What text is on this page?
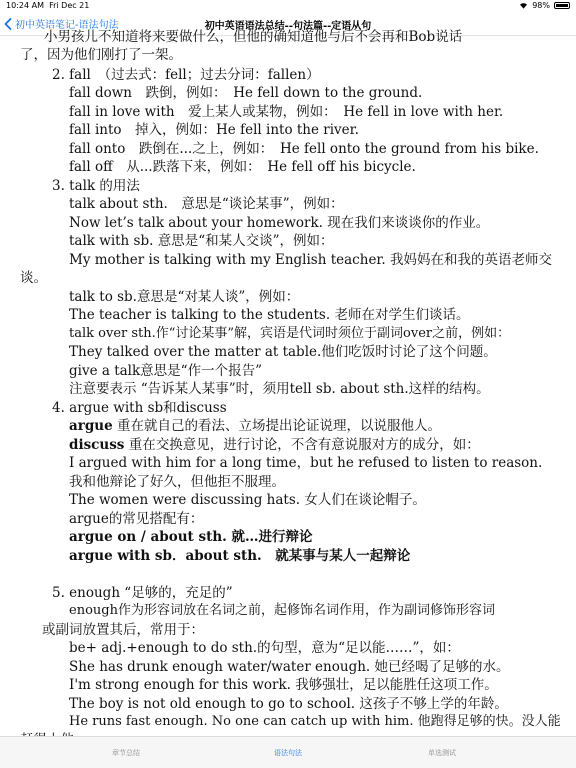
10:24 AM Fri Dec 21	98%
初中英语笔记-语法句法	初中英语语法总结--句法篇--定语从句
小男孩儿不知道将来要做什么，但他的确知道他与后不会再和Bob说话
了，因为他们刚打了一架。
2. fall　（过去式：fell；过去分词：fallen）
fall down　跌倒，例如：　He fell down to the ground.
fall in love with　爱上某人或某物，例如：　He fell in love with her.
fall into　掉入，例如：He fell into the river.
fall onto　跌倒在...之上，例如：　He fell onto the ground from his bike.
fall off　从...跌落下来，例如：　He fell off his bicycle.
3. talk 的用法
talk about sth.　意思是“谈论某事”，例如：
Now let’s talk about your homework. 现在我们来谈谈你的作业。
talk with sb. 意思是“和某人交谈”，例如：
My mother is talking with my English teacher. 我妈妈在和我的英语老师交
谈。
talk to sb.意思是“对某人谈”，例如：
The teacher is talking to the students. 老师在对学生们谈话。
talk over sth.作“讨论某事”解，宾语是代词时须位于副词over之前，例如：
They talked over the matter at table.他们吃饭时讨论了这个问题。
give a talk意思是“作一个报告”
注意要表示 “告诉某人某事”时，须用tell sb. about sth.这样的结构。
4. argue with sb和discuss
argue 重在就自己的看法、立场提出论证说理，以说服他人。
discuss 重在交换意见，进行讨论，不含有意说服对方的成分，如：
I argued with him for a long time，but he refused to listen to reason.
我和他辩论了好久，但他拒不服理。
The women were discussing hats. 女人们在谈论帽子。
argue的常见搭配有：
argue on / about sth. 就…进行辩论
argue with sb．about sth.　就某事与某人一起辩论
5. enough “足够的，充足的”
enough作为形容词放在名词之前，起修饰名词作用，作为副词修饰形容词
或副词放置其后，常用于：
be+ adj.+enough to do sth.的句型，意为“足以能……”，如：
She has drunk enough water/water enough. 她已经喝了足够的水。
I'm strong enough for this work. 我够强壮，足以能胜任这项工作。
The boy is not old enough to go to school. 这孩子不够上学的年龄。
He runs fast enough. No one can catch up with him. 他跑得足够的快。没人能
章节总结	语法句法	单选测试
